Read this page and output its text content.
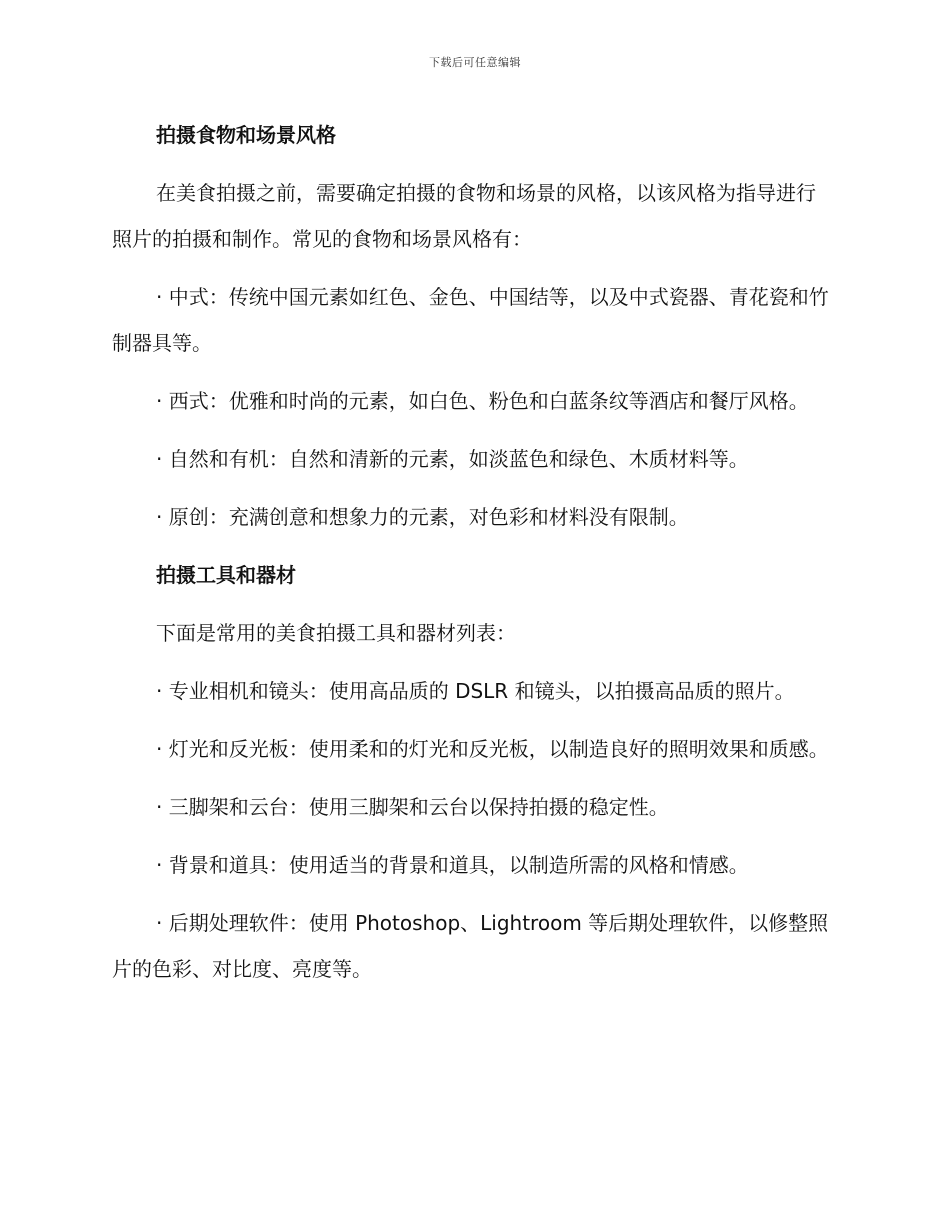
下载后可任意编辑
拍摄食物和场景风格
在美食拍摄之前，需要确定拍摄的食物和场景的风格，以该风格为指导进行照片的拍摄和制作。常见的食物和场景风格有：
· 中式：传统中国元素如红色、金色、中国结等，以及中式瓷器、青花瓷和竹制器具等。
· 西式：优雅和时尚的元素，如白色、粉色和白蓝条纹等酒店和餐厅风格。
· 自然和有机：自然和清新的元素，如淡蓝色和绿色、木质材料等。
· 原创：充满创意和想象力的元素，对色彩和材料没有限制。
拍摄工具和器材
下面是常用的美食拍摄工具和器材列表：
· 专业相机和镜头：使用高品质的 DSLR 和镜头，以拍摄高品质的照片。
· 灯光和反光板：使用柔和的灯光和反光板，以制造良好的照明效果和质感。
· 三脚架和云台：使用三脚架和云台以保持拍摄的稳定性。
· 背景和道具：使用适当的背景和道具，以制造所需的风格和情感。
· 后期处理软件：使用 Photoshop、Lightroom 等后期处理软件，以修整照片的色彩、对比度、亮度等。
